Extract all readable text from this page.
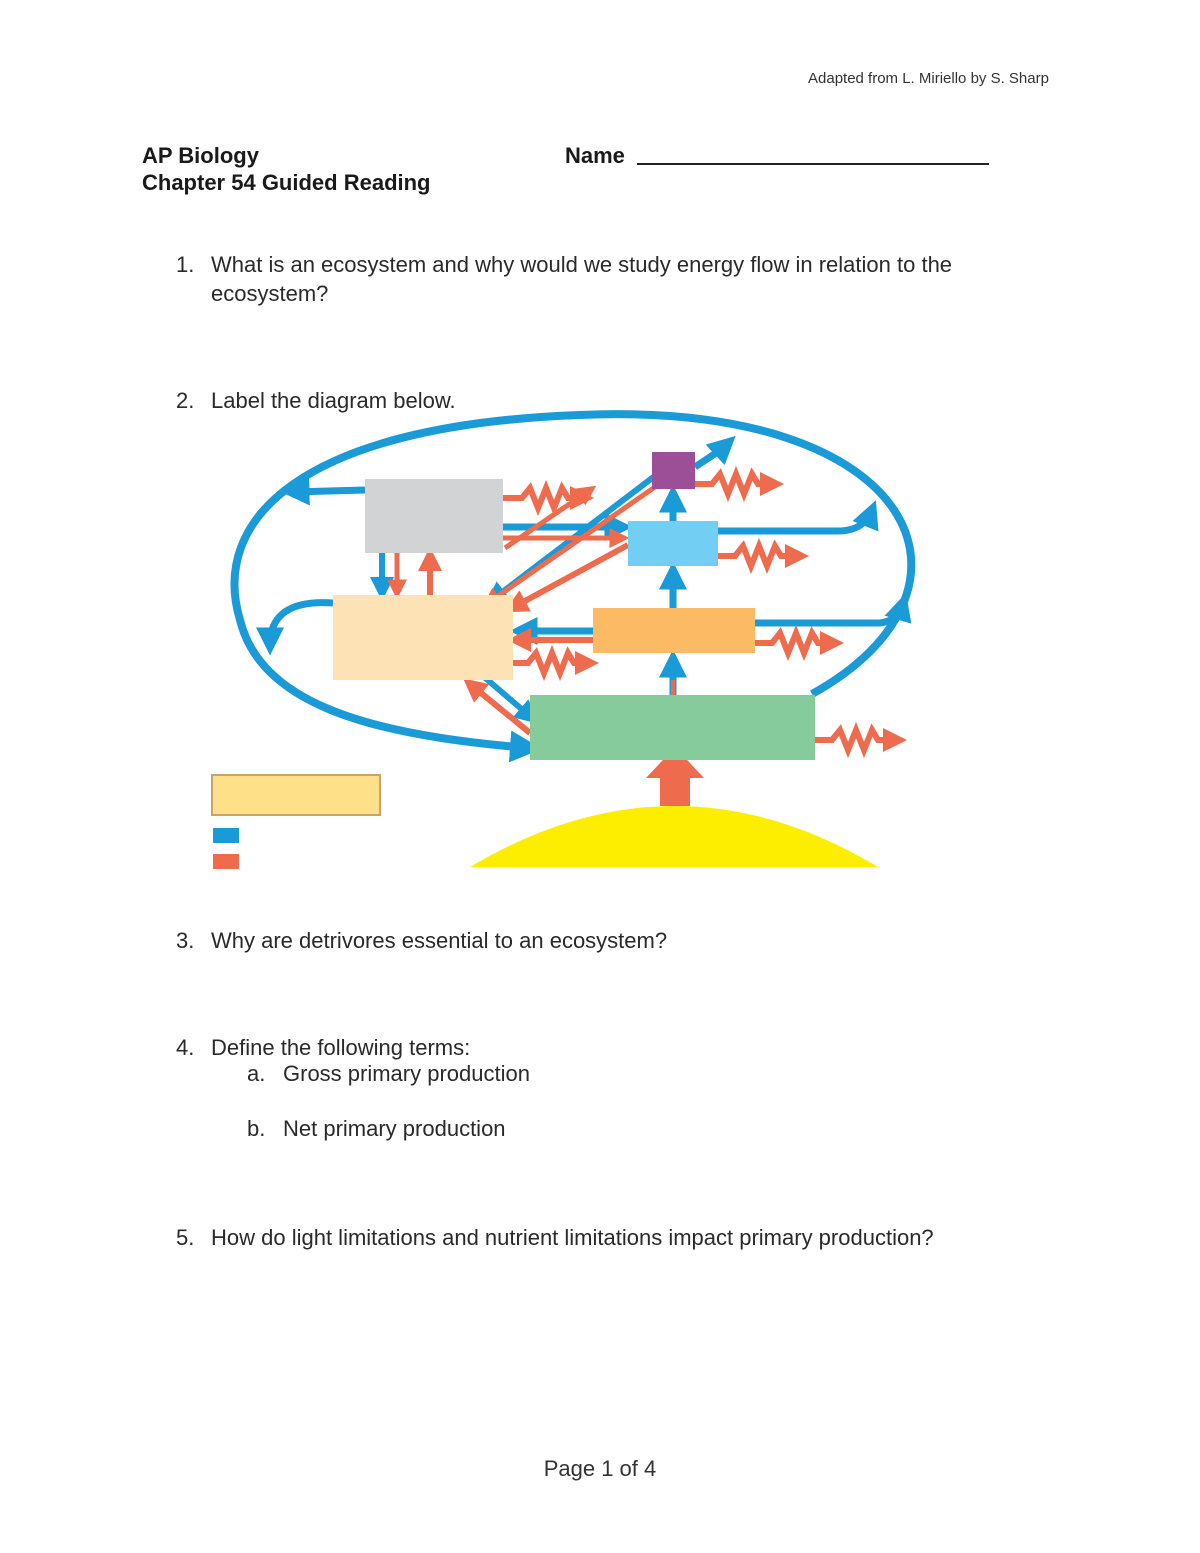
Adapted from L. Miriello by S. Sharp
AP Biology
Chapter 54 Guided Reading
Name
1. What is an ecosystem and why would we study energy flow in relation to the ecosystem?
2. Label the diagram below.
3. Why are detrivores essential to an ecosystem?
4. Define the following terms:
a. Gross primary production
b. Net primary production
5. How do light limitations and nutrient limitations impact primary production?
Page 1 of 4
